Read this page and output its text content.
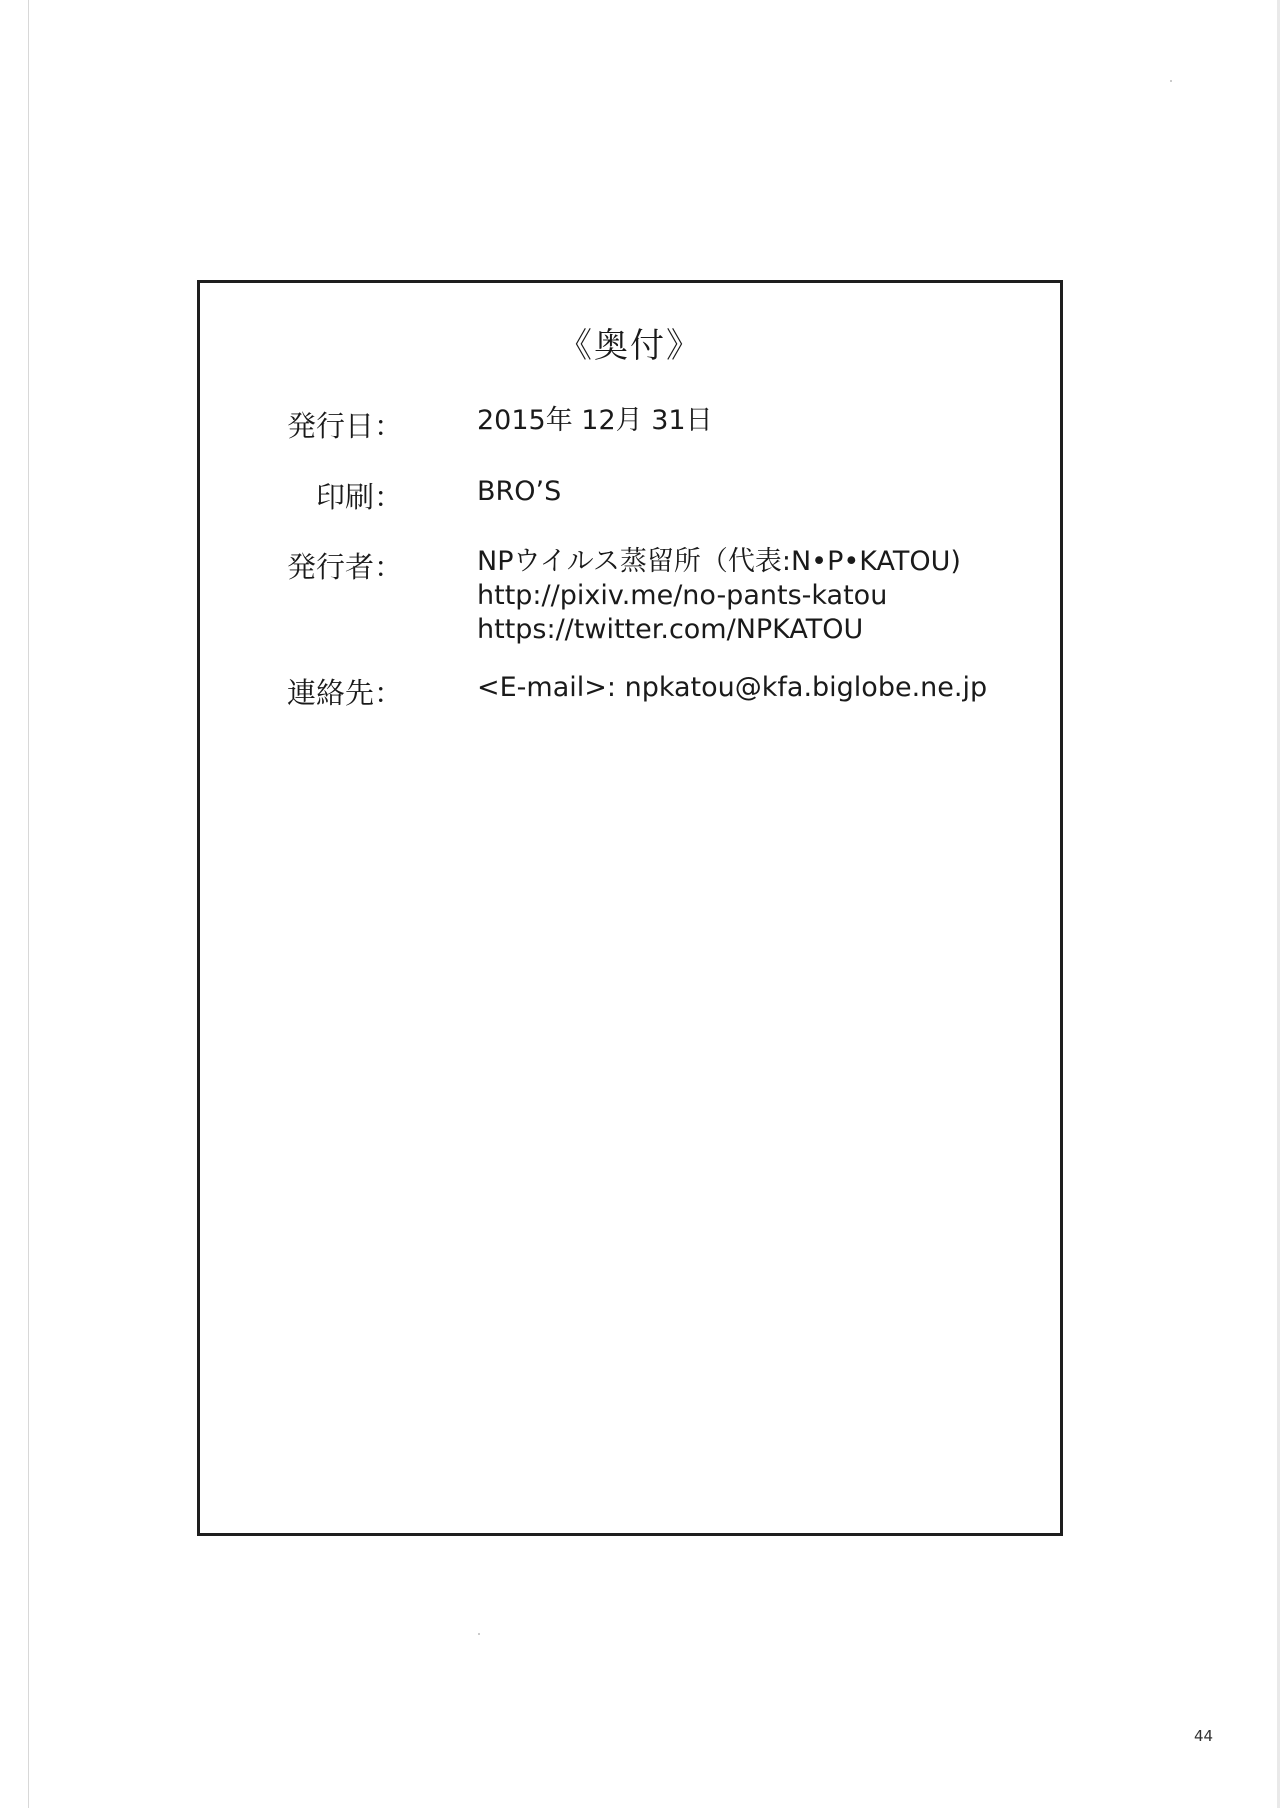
《奥付》
発行日：	2015年 12月 31日
印刷：	BRO’S
発行者：	NPウイルス蒸留所（代表:N•P•KATOU)
http://pixiv.me/no-pants-katou
https://twitter.com/NPKATOU
連絡先：	<E-mail>: npkatou@kfa.biglobe.ne.jp
44
